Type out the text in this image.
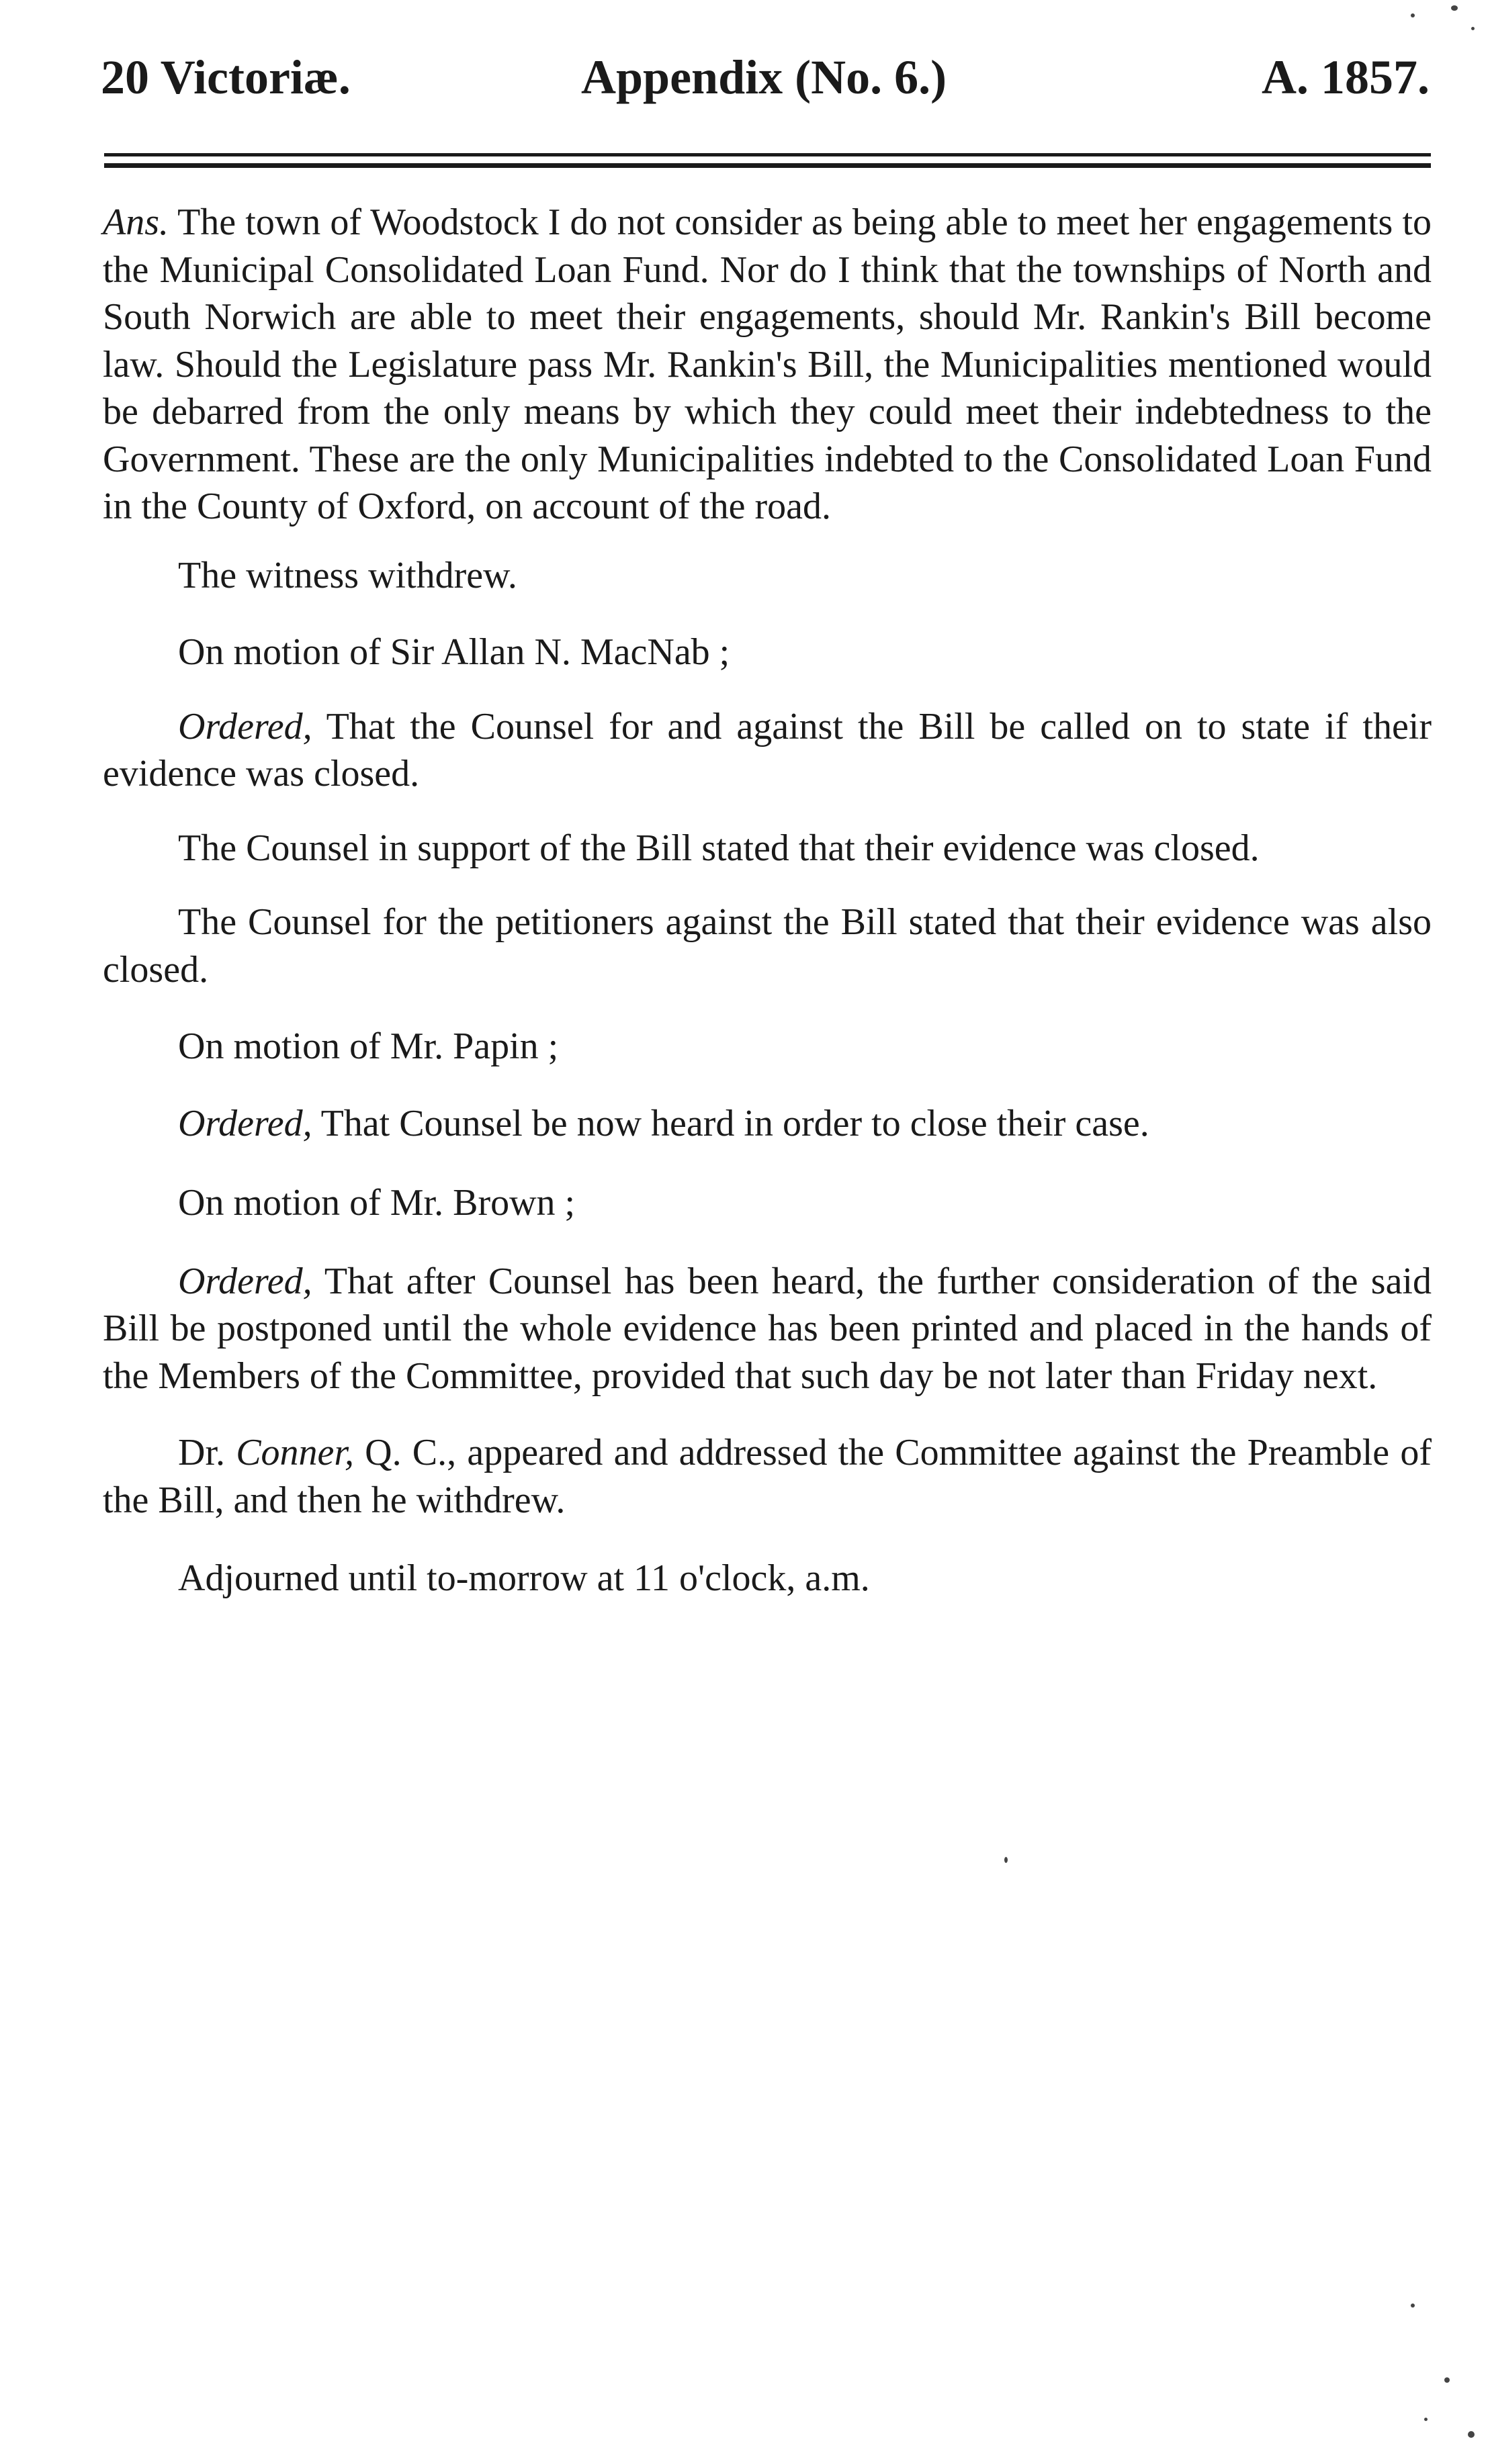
20 Victoriæ.	Appendix (No. 6.)	A. 1857.

Ans. The town of Woodstock I do not consider as being able to meet her engagements to the Municipal Consolidated Loan Fund. Nor do I think that the townships of North and South Norwich are able to meet their engagements, should Mr. Rankin's Bill become law. Should the Legislature pass Mr. Rankin's Bill, the Municipalities mentioned would be debarred from the only means by which they could meet their indebtedness to the Government. These are the only Municipalities indebted to the Consolidated Loan Fund in the County of Oxford, on account of the road.

The witness withdrew.

On motion of Sir Allan N. MacNab ;

Ordered, That the Counsel for and against the Bill be called on to state if their evidence was closed.

The Counsel in support of the Bill stated that their evidence was closed.

The Counsel for the petitioners against the Bill stated that their evidence was also closed.

On motion of Mr. Papin ;

Ordered, That Counsel be now heard in order to close their case.

On motion of Mr. Brown ;

Ordered, That after Counsel has been heard, the further consideration of the said Bill be postponed until the whole evidence has been printed and placed in the hands of the Members of the Committee, provided that such day be not later than Friday next.

Dr. Conner, Q. C., appeared and addressed the Committee against the Preamble of the Bill, and then he withdrew.

Adjourned until to-morrow at 11 o'clock, a.m.
